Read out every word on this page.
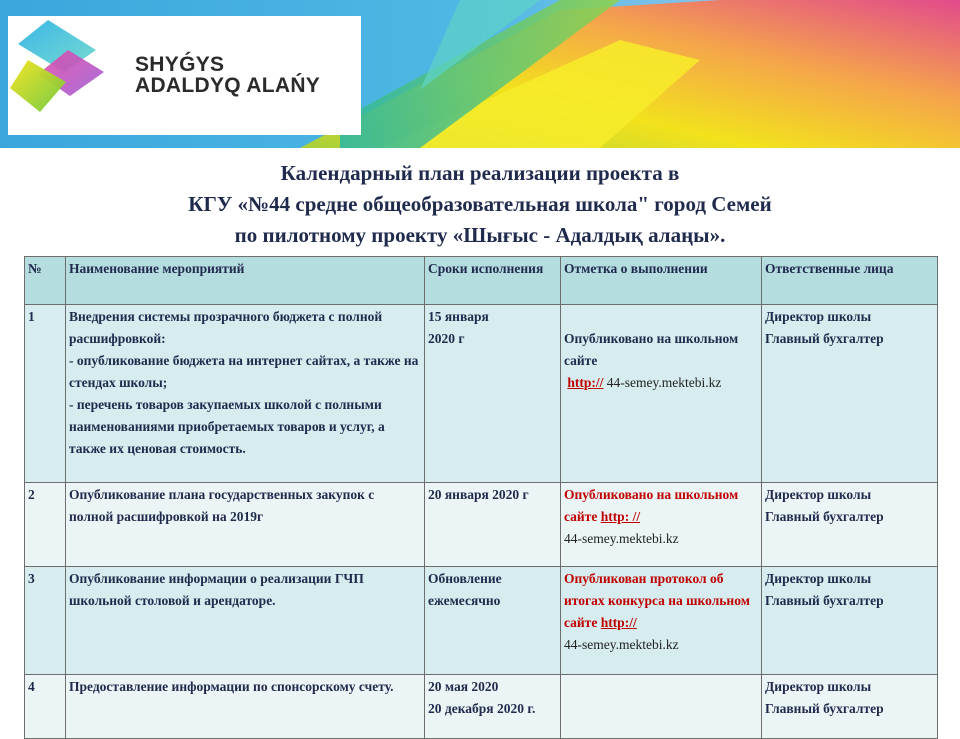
SHYǴYS
ADALDYQ ALAŃY
Календарный план реализации проекта в
КГУ «№44 средне общеобразовательная школа" город Семей
по пилотному проекту «Шығыс - Адалдық алаңы».
№	Наименование мероприятий	Сроки исполнения	Отметка о выполнении	Ответственные лица
1	Внедрения системы прозрачного бюджета с полной расшифровкой:
- опубликование бюджета на интернет сайтах, а также на стендах школы;
- перечень товаров закупаемых школой с полными наименованиями приобретаемых товаров и услуг, а также их ценовая стоимость.	15 января
2020 г	Опубликовано на школьном сайте
http:// 44-semey.mektebi.kz	Директор школы
Главный бухгалтер

2	Опубликование плана государственных закупок с полной расшифровкой на 2019г	20 января 2020 г	Опубликовано на школьном сайте http: //
44-semey.mektebi.kz	Директор школы
Главный бухгалтер

3	Опубликование информации о реализации ГЧП школьной столовой и арендаторе.	Обновление
ежемесячно	Опубликован протокол об итогах конкурса на школьном сайте http://
44-semey.mektebi.kz	Директор школы
Главный бухгалтер

4	Предоставление информации по спонсорскому счету.	20 мая 2020
20 декабря 2020 г.		Директор школы
Главный бухгалтер
